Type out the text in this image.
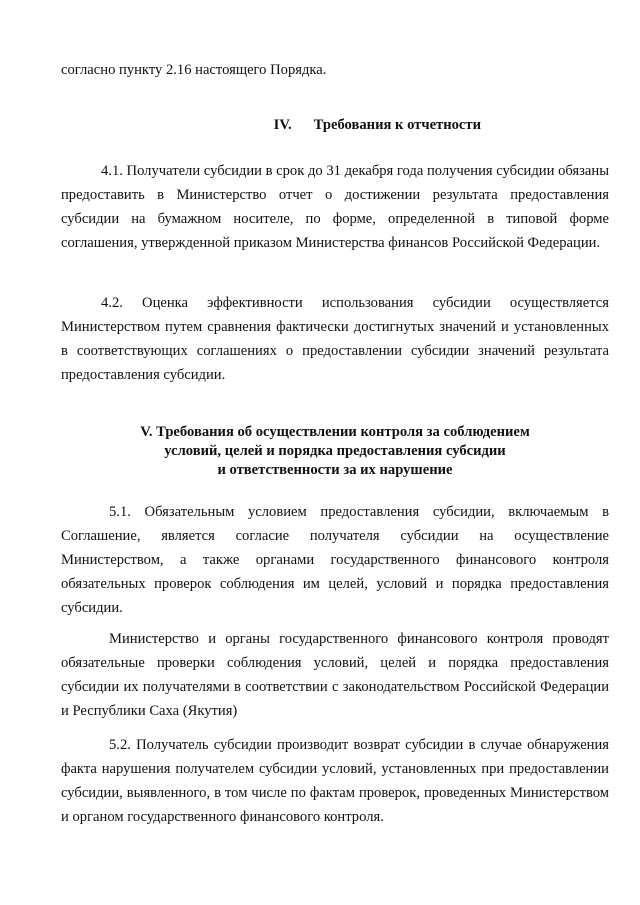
согласно пункту 2.16 настоящего Порядка.

IV. Требования к отчетности

4.1. Получатели субсидии в срок до 31 декабря года получения субсидии обязаны предоставить в Министерство отчет о достижении результата предоставления субсидии на бумажном носителе, по форме, определенной в типовой форме соглашения, утвержденной приказом Министерства финансов Российской Федерации.

4.2. Оценка эффективности использования субсидии осуществляется Министерством путем сравнения фактически достигнутых значений и установленных в соответствующих соглашениях о предоставлении субсидии значений результата предоставления субсидии.

V. Требования об осуществлении контроля за соблюдением
условий, целей и порядка предоставления субсидии
и ответственности за их нарушение

5.1. Обязательным условием предоставления субсидии, включаемым в Соглашение, является согласие получателя субсидии на осуществление Министерством, а также органами государственного финансового контроля обязательных проверок соблюдения им целей, условий и порядка предоставления субсидии.

Министерство и органы государственного финансового контроля проводят обязательные проверки соблюдения условий, целей и порядка предоставления субсидии их получателями в соответствии с законодательством Российской Федерации и Республики Саха (Якутия)

5.2. Получатель субсидии производит возврат субсидии в случае обнаружения факта нарушения получателем субсидии условий, установленных при предоставлении субсидии, выявленного, в том числе по фактам проверок, проведенных Министерством и органом государственного финансового контроля.
